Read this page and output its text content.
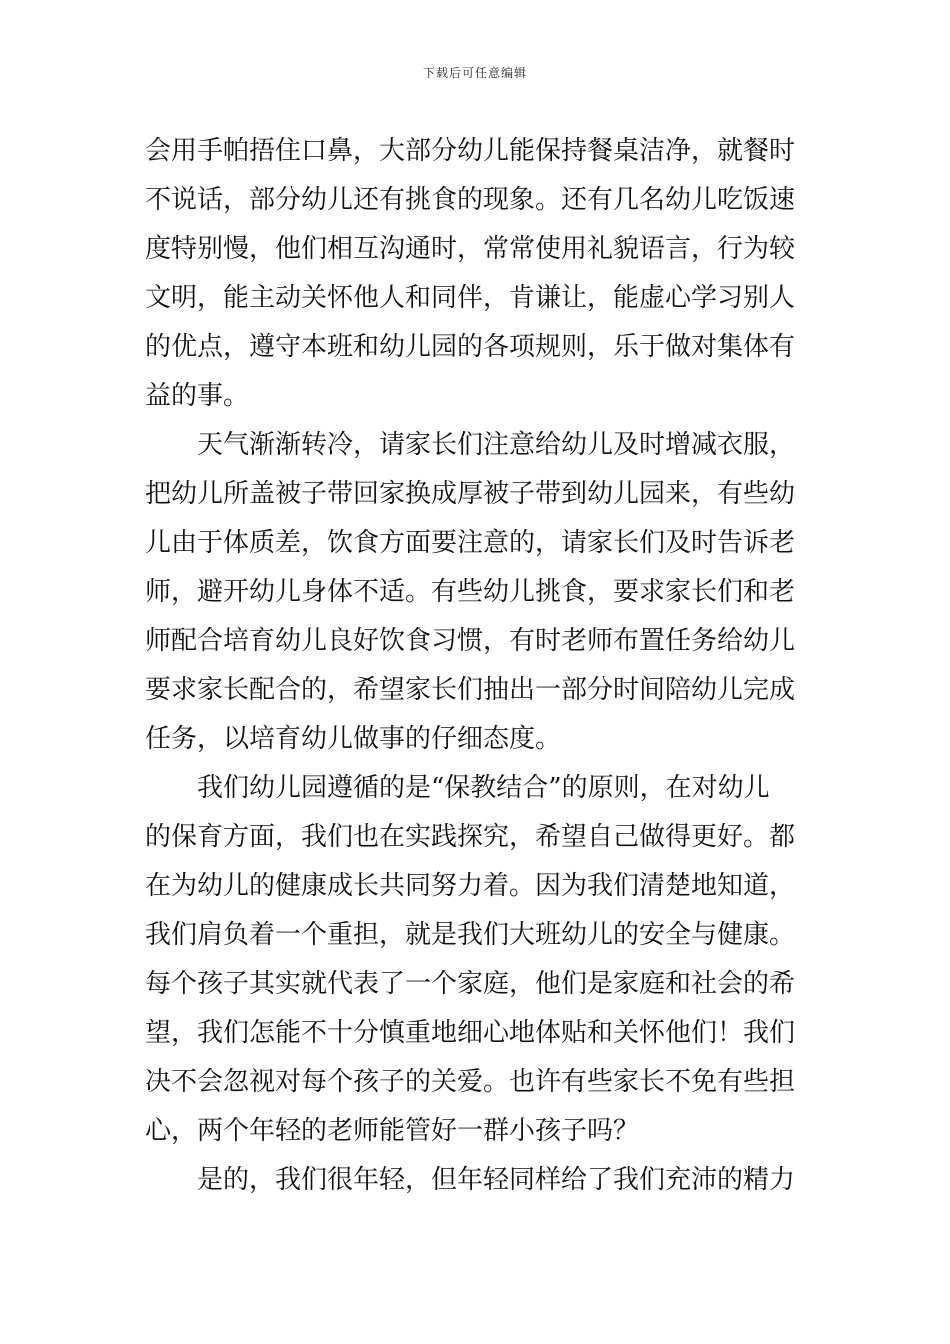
下载后可任意编辑
会用手帕捂住口鼻，大部分幼儿能保持餐桌洁净，就餐时
不说话，部分幼儿还有挑食的现象。还有几名幼儿吃饭速
度特别慢，他们相互沟通时，常常使用礼貌语言，行为较
文明，能主动关怀他人和同伴，肯谦让，能虚心学习别人
的优点，遵守本班和幼儿园的各项规则，乐于做对集体有
益的事。
天气渐渐转冷，请家长们注意给幼儿及时增减衣服，
把幼儿所盖被子带回家换成厚被子带到幼儿园来，有些幼
儿由于体质差，饮食方面要注意的，请家长们及时告诉老
师，避开幼儿身体不适。有些幼儿挑食，要求家长们和老
师配合培育幼儿良好饮食习惯，有时老师布置任务给幼儿
要求家长配合的，希望家长们抽出一部分时间陪幼儿完成
任务，以培育幼儿做事的仔细态度。
我们幼儿园遵循的是“保教结合”的原则，在对幼儿
的保育方面，我们也在实践探究，希望自己做得更好。都
在为幼儿的健康成长共同努力着。因为我们清楚地知道，
我们肩负着一个重担，就是我们大班幼儿的安全与健康。
每个孩子其实就代表了一个家庭，他们是家庭和社会的希
望，我们怎能不十分慎重地细心地体贴和关怀他们！我们
决不会忽视对每个孩子的关爱。也许有些家长不免有些担
心，两个年轻的老师能管好一群小孩子吗？
是的，我们很年轻，但年轻同样给了我们充沛的精力
